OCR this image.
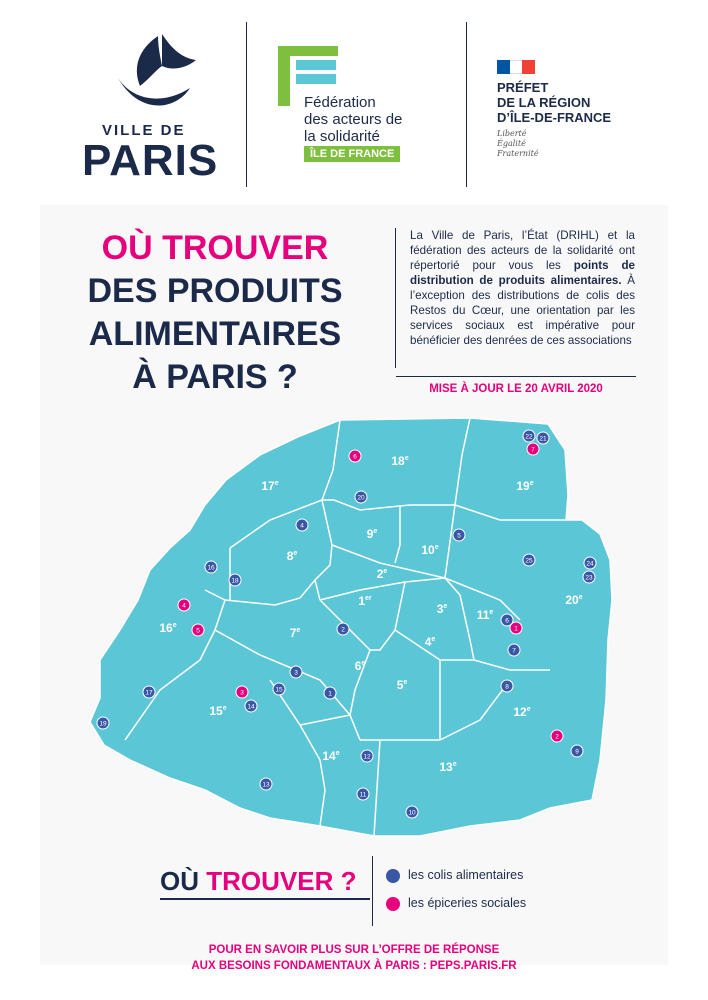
VILLE DE
PARIS
Fédération
des acteurs de
la solidarité
ÎLE DE FRANCE
PRÉFET
DE LA RÉGION
D’ÎLE-DE-FRANCE
Liberté
Égalité
Fraternité
OÙ TROUVER
DES PRODUITS
ALIMENTAIRES
À PARIS ?
La Ville de Paris, l’État (DRIHL) et la fédération des acteurs de la solidarité ont répertorié pour vous les points de distribution de produits alimentaires. À l’exception des distributions de colis des Restos du Cœur, une orientation par les services sociaux est impérative pour bénéficier des denrées de ces associations
MISE À JOUR LE 20 AVRIL 2020
17e
18e
19e
9e
10e
8e
2e
20e
1er
3e
16e
11e
7e
4e
6e
5e
15e	12e
14e
13e
1
2
3
4
5
6
7
8
9
10
11
12
13
14
15
16
17
18
19
20
21
22
23
24
25
1
2
3
4
5
6
7
OÙ TROUVER ?	les colis alimentaires
les épiceries sociales
POUR EN SAVOIR PLUS SUR L’OFFRE DE RÉPONSE
AUX BESOINS FONDAMENTAUX À PARIS : PEPS.PARIS.FR
